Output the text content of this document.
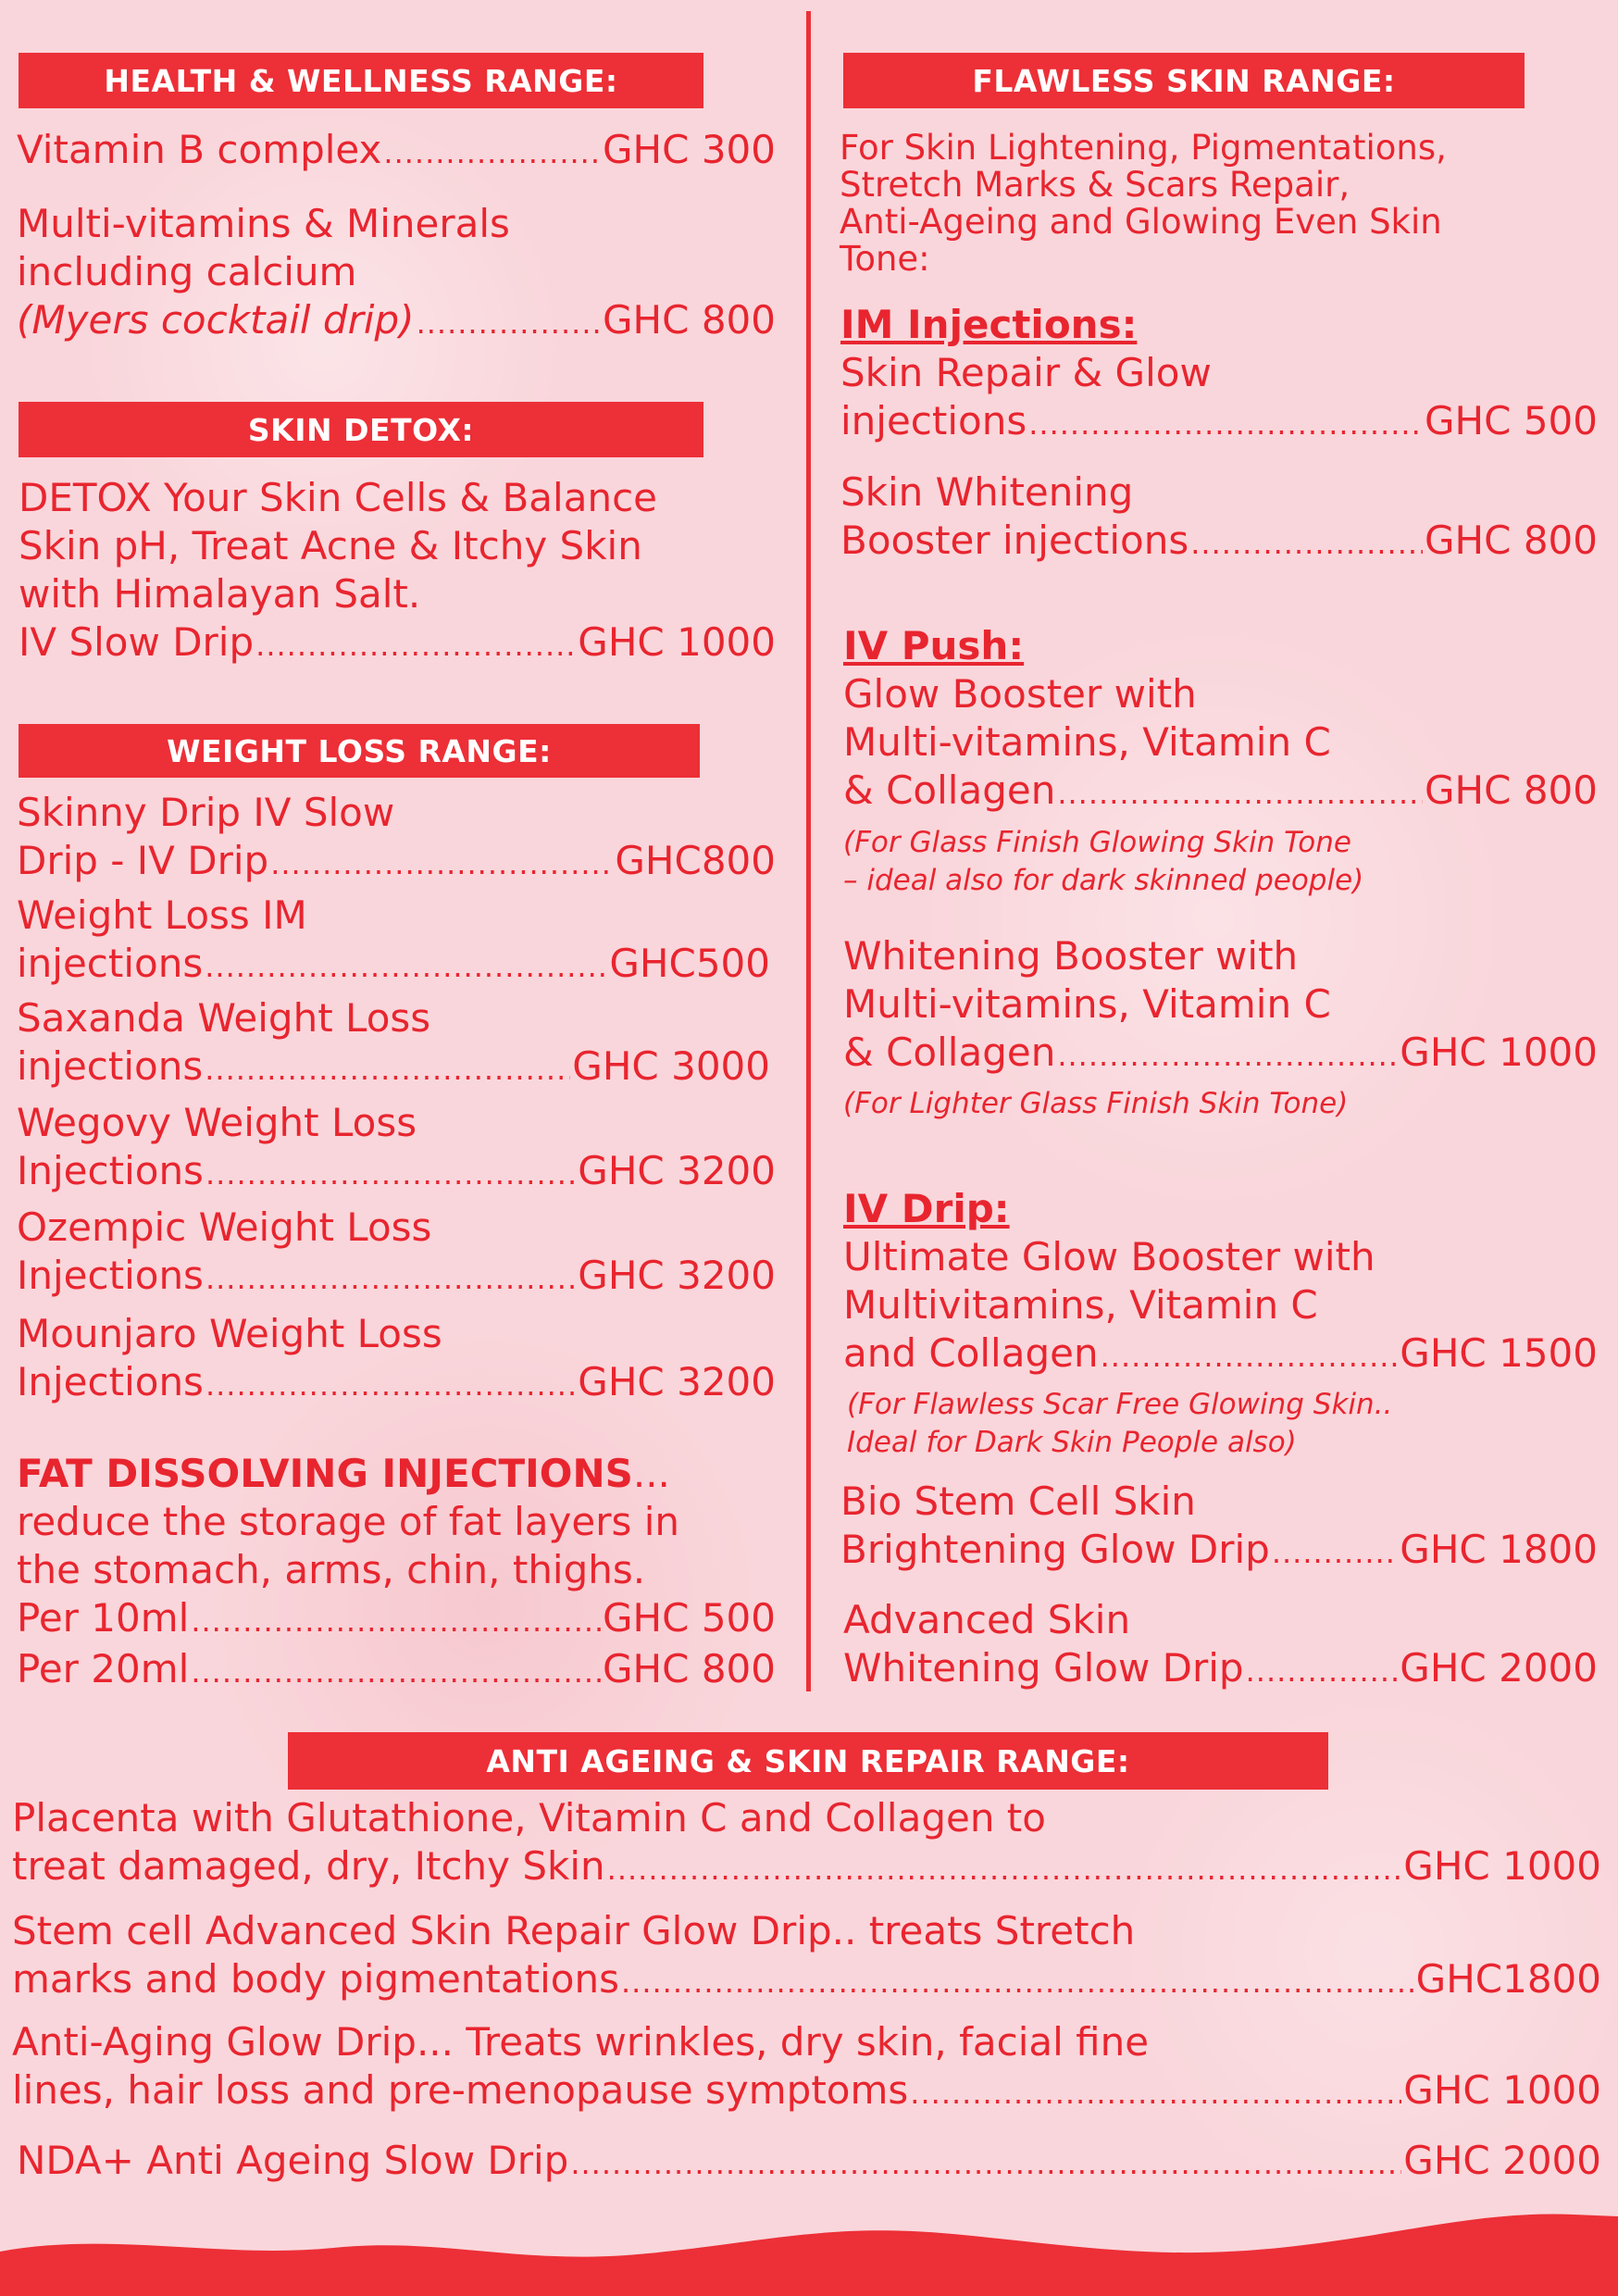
HEALTH & WELLNESS RANGE:
Vitamin B complex .....	GHC 300
Multi-vitamins & Minerals
including calcium
(Myers cocktail drip) .....	GHC 800
SKIN DETOX:
DETOX Your Skin Cells & Balance
Skin pH, Treat Acne & Itchy Skin
with Himalayan Salt.
IV Slow Drip .....	GHC 1000
WEIGHT LOSS RANGE:
Skinny Drip IV Slow
Drip - IV Drip .....	GHC800
Weight Loss IM
injections .....	GHC500
Saxanda Weight Loss
injections .....	GHC 3000
Wegovy Weight Loss
Injections .....	GHC 3200
Ozempic Weight Loss
Injections .....	GHC 3200
Mounjaro Weight Loss
Injections .....	GHC 3200
FAT DISSOLVING INJECTIONS...
reduce the storage of fat layers in
the stomach, arms, chin, thighs.
Per 10ml .....	GHC 500
Per 20ml .....	GHC 800
FLAWLESS SKIN RANGE:
For Skin Lightening, Pigmentations,
Stretch Marks & Scars Repair,
Anti-Ageing and Glowing Even Skin
Tone:
IM Injections:
Skin Repair & Glow
injections .....	GHC 500
Skin Whitening
Booster injections .....	GHC 800
IV Push:
Glow Booster with
Multi-vitamins, Vitamin C
& Collagen .....	GHC 800
(For Glass Finish Glowing Skin Tone
– ideal also for dark skinned people)
Whitening Booster with
Multi-vitamins, Vitamin C
& Collagen .....	GHC 1000
(For Lighter Glass Finish Skin Tone)
IV Drip:
Ultimate Glow Booster with
Multivitamins, Vitamin C
and Collagen .....	GHC 1500
(For Flawless Scar Free Glowing Skin..
Ideal for Dark Skin People also)
Bio Stem Cell Skin
Brightening Glow Drip .....	GHC 1800
Advanced Skin
Whitening Glow Drip .....	GHC 2000
ANTI AGEING & SKIN REPAIR RANGE:
Placenta with Glutathione, Vitamin C and Collagen to
treat damaged, dry, Itchy Skin .....	GHC 1000
Stem cell Advanced Skin Repair Glow Drip.. treats Stretch
marks and body pigmentations .....	GHC1800
Anti-Aging Glow Drip... Treats wrinkles, dry skin, facial fine
lines, hair loss and pre-menopause symptoms .....	GHC 1000
NDA+ Anti Ageing Slow Drip .....	GHC 2000
